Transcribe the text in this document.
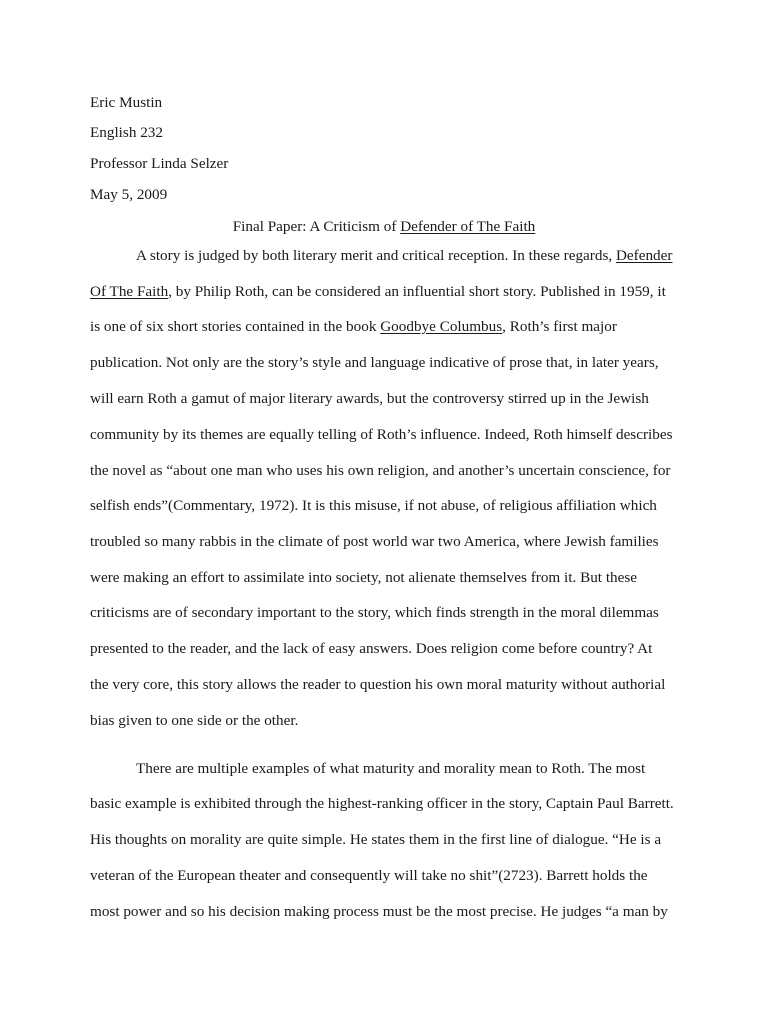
Eric Mustin
English 232
Professor Linda Selzer
May 5, 2009
Final Paper: A Criticism of Defender of The Faith
A story is judged by both literary merit and critical reception. In these regards, Defender
Of The Faith, by Philip Roth, can be considered an influential short story. Published in 1959, it
is one of six short stories contained in the book Goodbye Columbus, Roth’s first major
publication. Not only are the story’s style and language indicative of prose that, in later years,
will earn Roth a gamut of major literary awards, but the controversy stirred up in the Jewish
community by its themes are equally telling of Roth’s influence. Indeed, Roth himself describes
the novel as “about one man who uses his own religion, and another’s uncertain conscience, for
selfish ends”(Commentary, 1972). It is this misuse, if not abuse, of religious affiliation which
troubled so many rabbis in the climate of post world war two America, where Jewish families
were making an effort to assimilate into society, not alienate themselves from it. But these
criticisms are of secondary important to the story, which finds strength in the moral dilemmas
presented to the reader, and the lack of easy answers. Does religion come before country? At
the very core, this story allows the reader to question his own moral maturity without authorial
bias given to one side or the other.
There are multiple examples of what maturity and morality mean to Roth. The most
basic example is exhibited through the highest-ranking officer in the story, Captain Paul Barrett.
His thoughts on morality are quite simple. He states them in the first line of dialogue. “He is a
veteran of the European theater and consequently will take no shit”(2723). Barrett holds the
most power and so his decision making process must be the most precise. He judges “a man by
